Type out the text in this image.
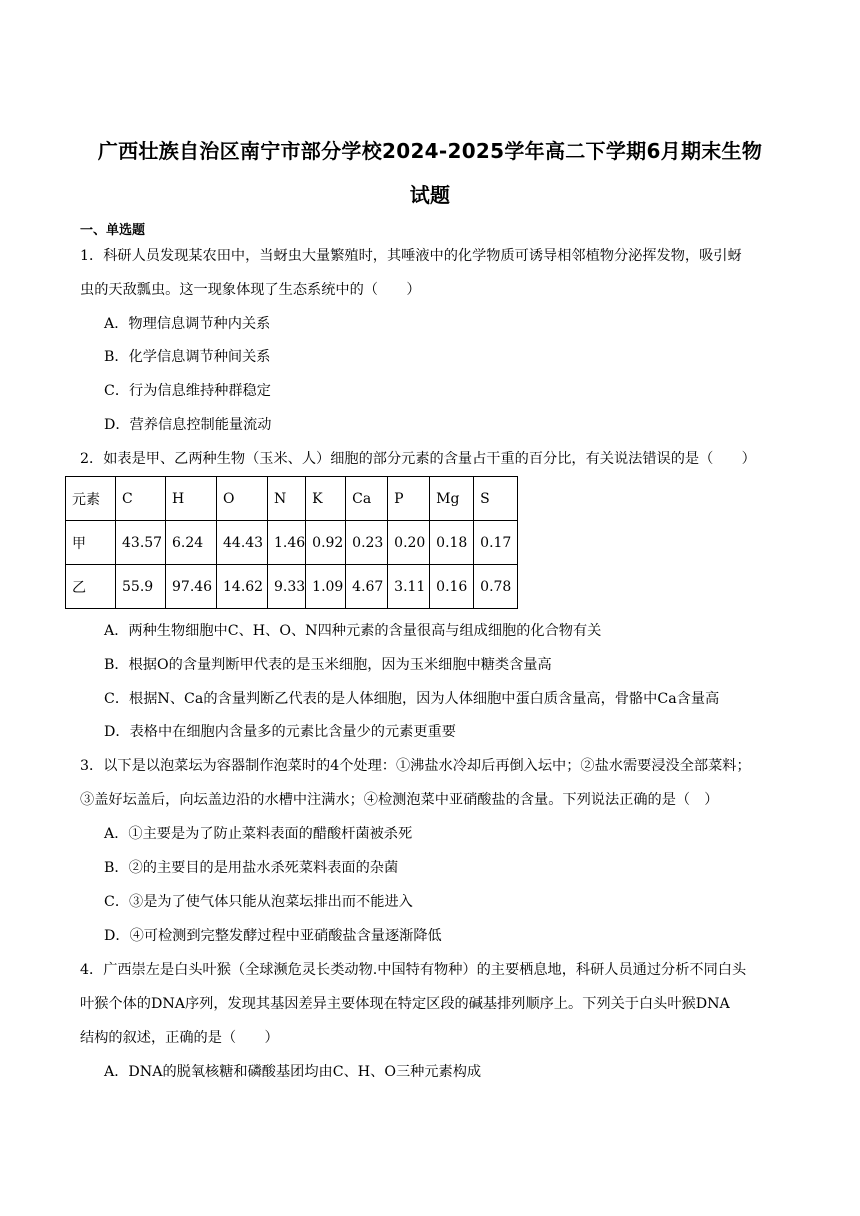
广西壮族自治区南宁市部分学校2024-2025学年高二下学期6月期末生物
试题
一、单选题
1．科研人员发现某农田中，当蚜虫大量繁殖时，其唾液中的化学物质可诱导相邻植物分泌挥发物，吸引蚜
虫的天敌瓢虫。这一现象体现了生态系统中的（　　）
A．物理信息调节种内关系
B．化学信息调节种间关系
C．行为信息维持种群稳定
D．营养信息控制能量流动
2．如表是甲、乙两种生物（玉米、人）细胞的部分元素的含量占干重的百分比，有关说法错误的是（　　）
元素	C	H	O	N	K	Ca	P	Mg	S
甲	43.57	6.24	44.43	1.46	0.92	0.23	0.20	0.18	0.17
乙	55.9	97.46	14.62	9.33	1.09	4.67	3.11	0.16	0.78
A．两种生物细胞中C、H、O、N四种元素的含量很高与组成细胞的化合物有关
B．根据O的含量判断甲代表的是玉米细胞，因为玉米细胞中糖类含量高
C．根据N、Ca的含量判断乙代表的是人体细胞，因为人体细胞中蛋白质含量高，骨骼中Ca含量高
D．表格中在细胞内含量多的元素比含量少的元素更重要
3．以下是以泡菜坛为容器制作泡菜时的4个处理：①沸盐水冷却后再倒入坛中；②盐水需要浸没全部菜料；
③盖好坛盖后，向坛盖边沿的水槽中注满水；④检测泡菜中亚硝酸盐的含量。下列说法正确的是（　）
A．①主要是为了防止菜料表面的醋酸杆菌被杀死
B．②的主要目的是用盐水杀死菜料表面的杂菌
C．③是为了使气体只能从泡菜坛排出而不能进入
D．④可检测到完整发酵过程中亚硝酸盐含量逐渐降低
4．广西崇左是白头叶猴（全球濒危灵长类动物.中国特有物种）的主要栖息地，科研人员通过分析不同白头
叶猴个体的DNA序列，发现其基因差异主要体现在特定区段的碱基排列顺序上。下列关于白头叶猴DNA
结构的叙述，正确的是（　　）
A．DNA的脱氧核糖和磷酸基团均由C、H、O三种元素构成
